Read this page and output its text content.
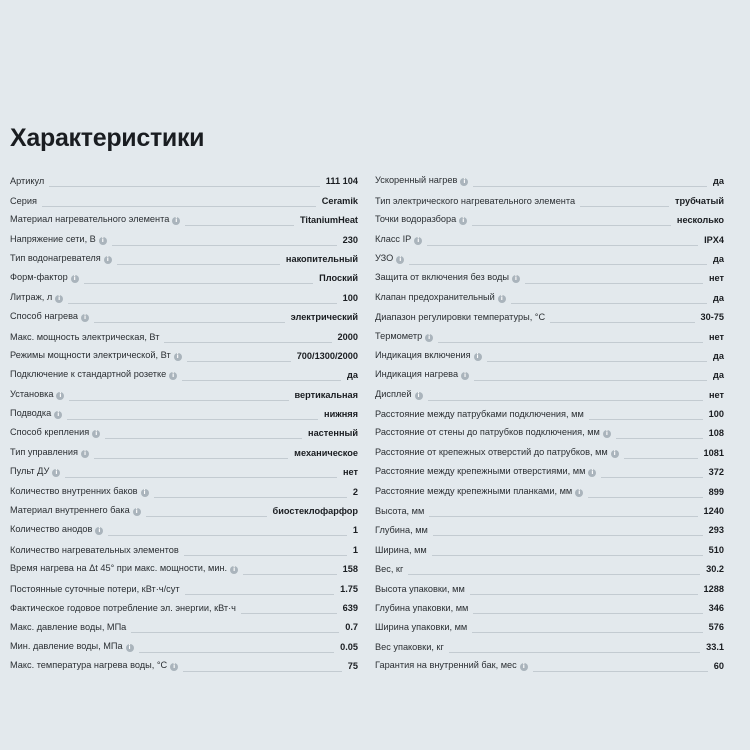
Характеристики
Артикул	111 104
Серия	Ceramik
Материал нагревательного элемента i	TitaniumHeat
Напряжение сети, В i	230
Тип водонагревателя i	накопительный
Форм-фактор i	Плоский
Литраж, л i	100
Способ нагрева i	электрический
Макс. мощность электрическая, Вт	2000
Режимы мощности электрической, Вт i	700/1300/2000
Подключение к стандартной розетке i	да
Установка i	вертикальная
Подводка i	нижняя
Способ крепления i	настенный
Тип управления i	механическое
Пульт ДУ i	нет
Количество внутренних баков i	2
Материал внутреннего бака i	биостеклофарфор
Количество анодов i	1
Количество нагревательных элементов	1
Время нагрева на Δt 45° при макс. мощности, мин. i	158
Постоянные суточные потери, кВт·ч/сут	1.75
Фактическое годовое потребление эл. энергии, кВт·ч	639
Макс. давление воды, МПа	0.7
Мин. давление воды, МПа i	0.05
Макс. температура нагрева воды, °С i	75
Ускоренный нагрев i	да
Тип электрического нагревательного элемента	трубчатый
Точки водоразбора i	несколько
Класс IP i	IPX4
УЗО i	да
Защита от включения без воды i	нет
Клапан предохранительный i	да
Диапазон регулировки температуры, °С	30-75
Термометр i	нет
Индикация включения i	да
Индикация нагрева i	да
Дисплей i	нет
Расстояние между патрубками подключения, мм	100
Расстояние от стены до патрубков подключения, мм i	108
Расстояние от крепежных отверстий до патрубков, мм i	1081
Расстояние между крепежными отверстиями, мм i	372
Расстояние между крепежными планками, мм i	899
Высота, мм	1240
Глубина, мм	293
Ширина, мм	510
Вес, кг	30.2
Высота упаковки, мм	1288
Глубина упаковки, мм	346
Ширина упаковки, мм	576
Вес упаковки, кг	33.1
Гарантия на внутренний бак, мес i	60
